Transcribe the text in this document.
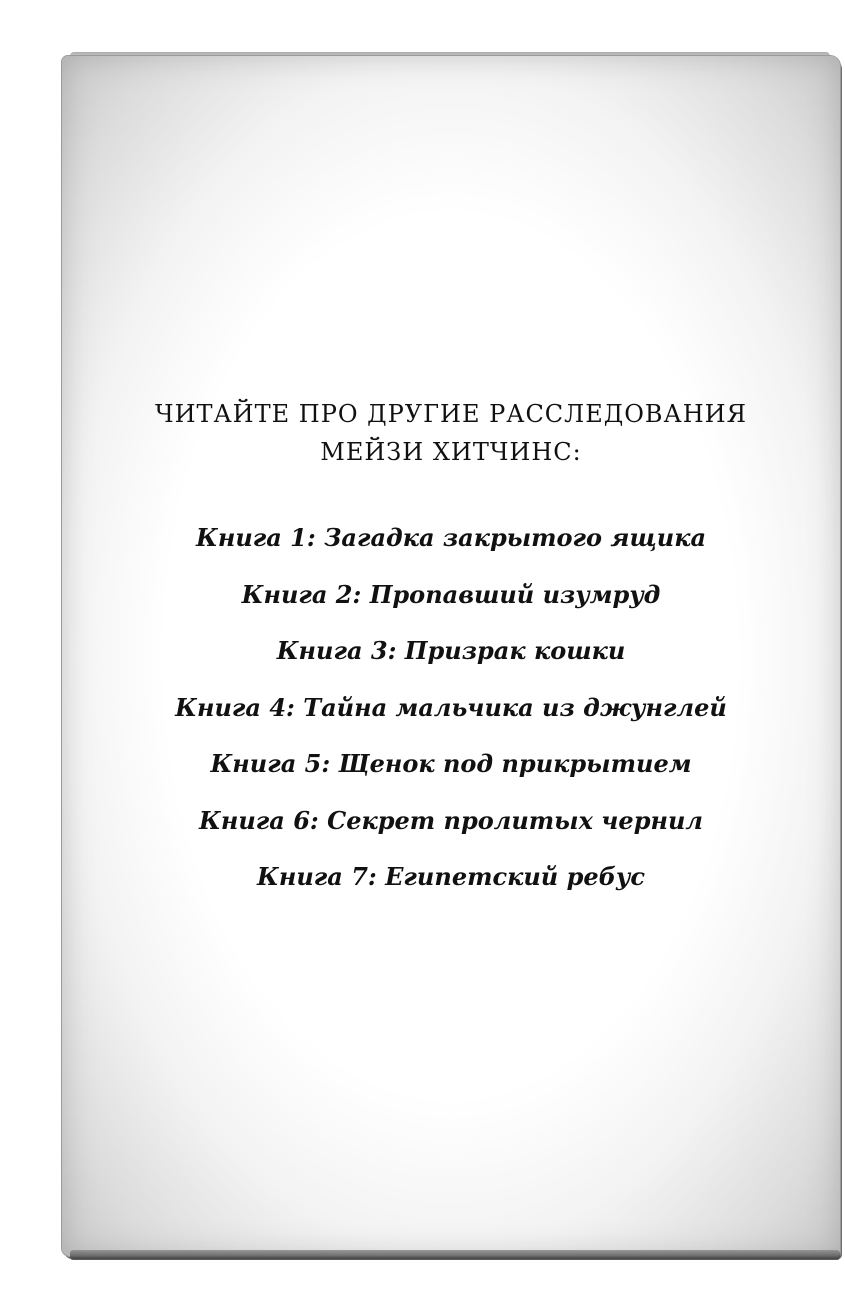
ЧИТАЙТЕ ПРО ДРУГИЕ РАССЛЕДОВАНИЯ
МЕЙЗИ ХИТЧИНС:
Книга 1: Загадка закрытого ящика
Книга 2: Пропавший изумруд
Книга 3: Призрак кошки
Книга 4: Тайна мальчика из джунглей
Книга 5: Щенок под прикрытием
Книга 6: Секрет пролитых чернил
Книга 7: Египетский ребус
